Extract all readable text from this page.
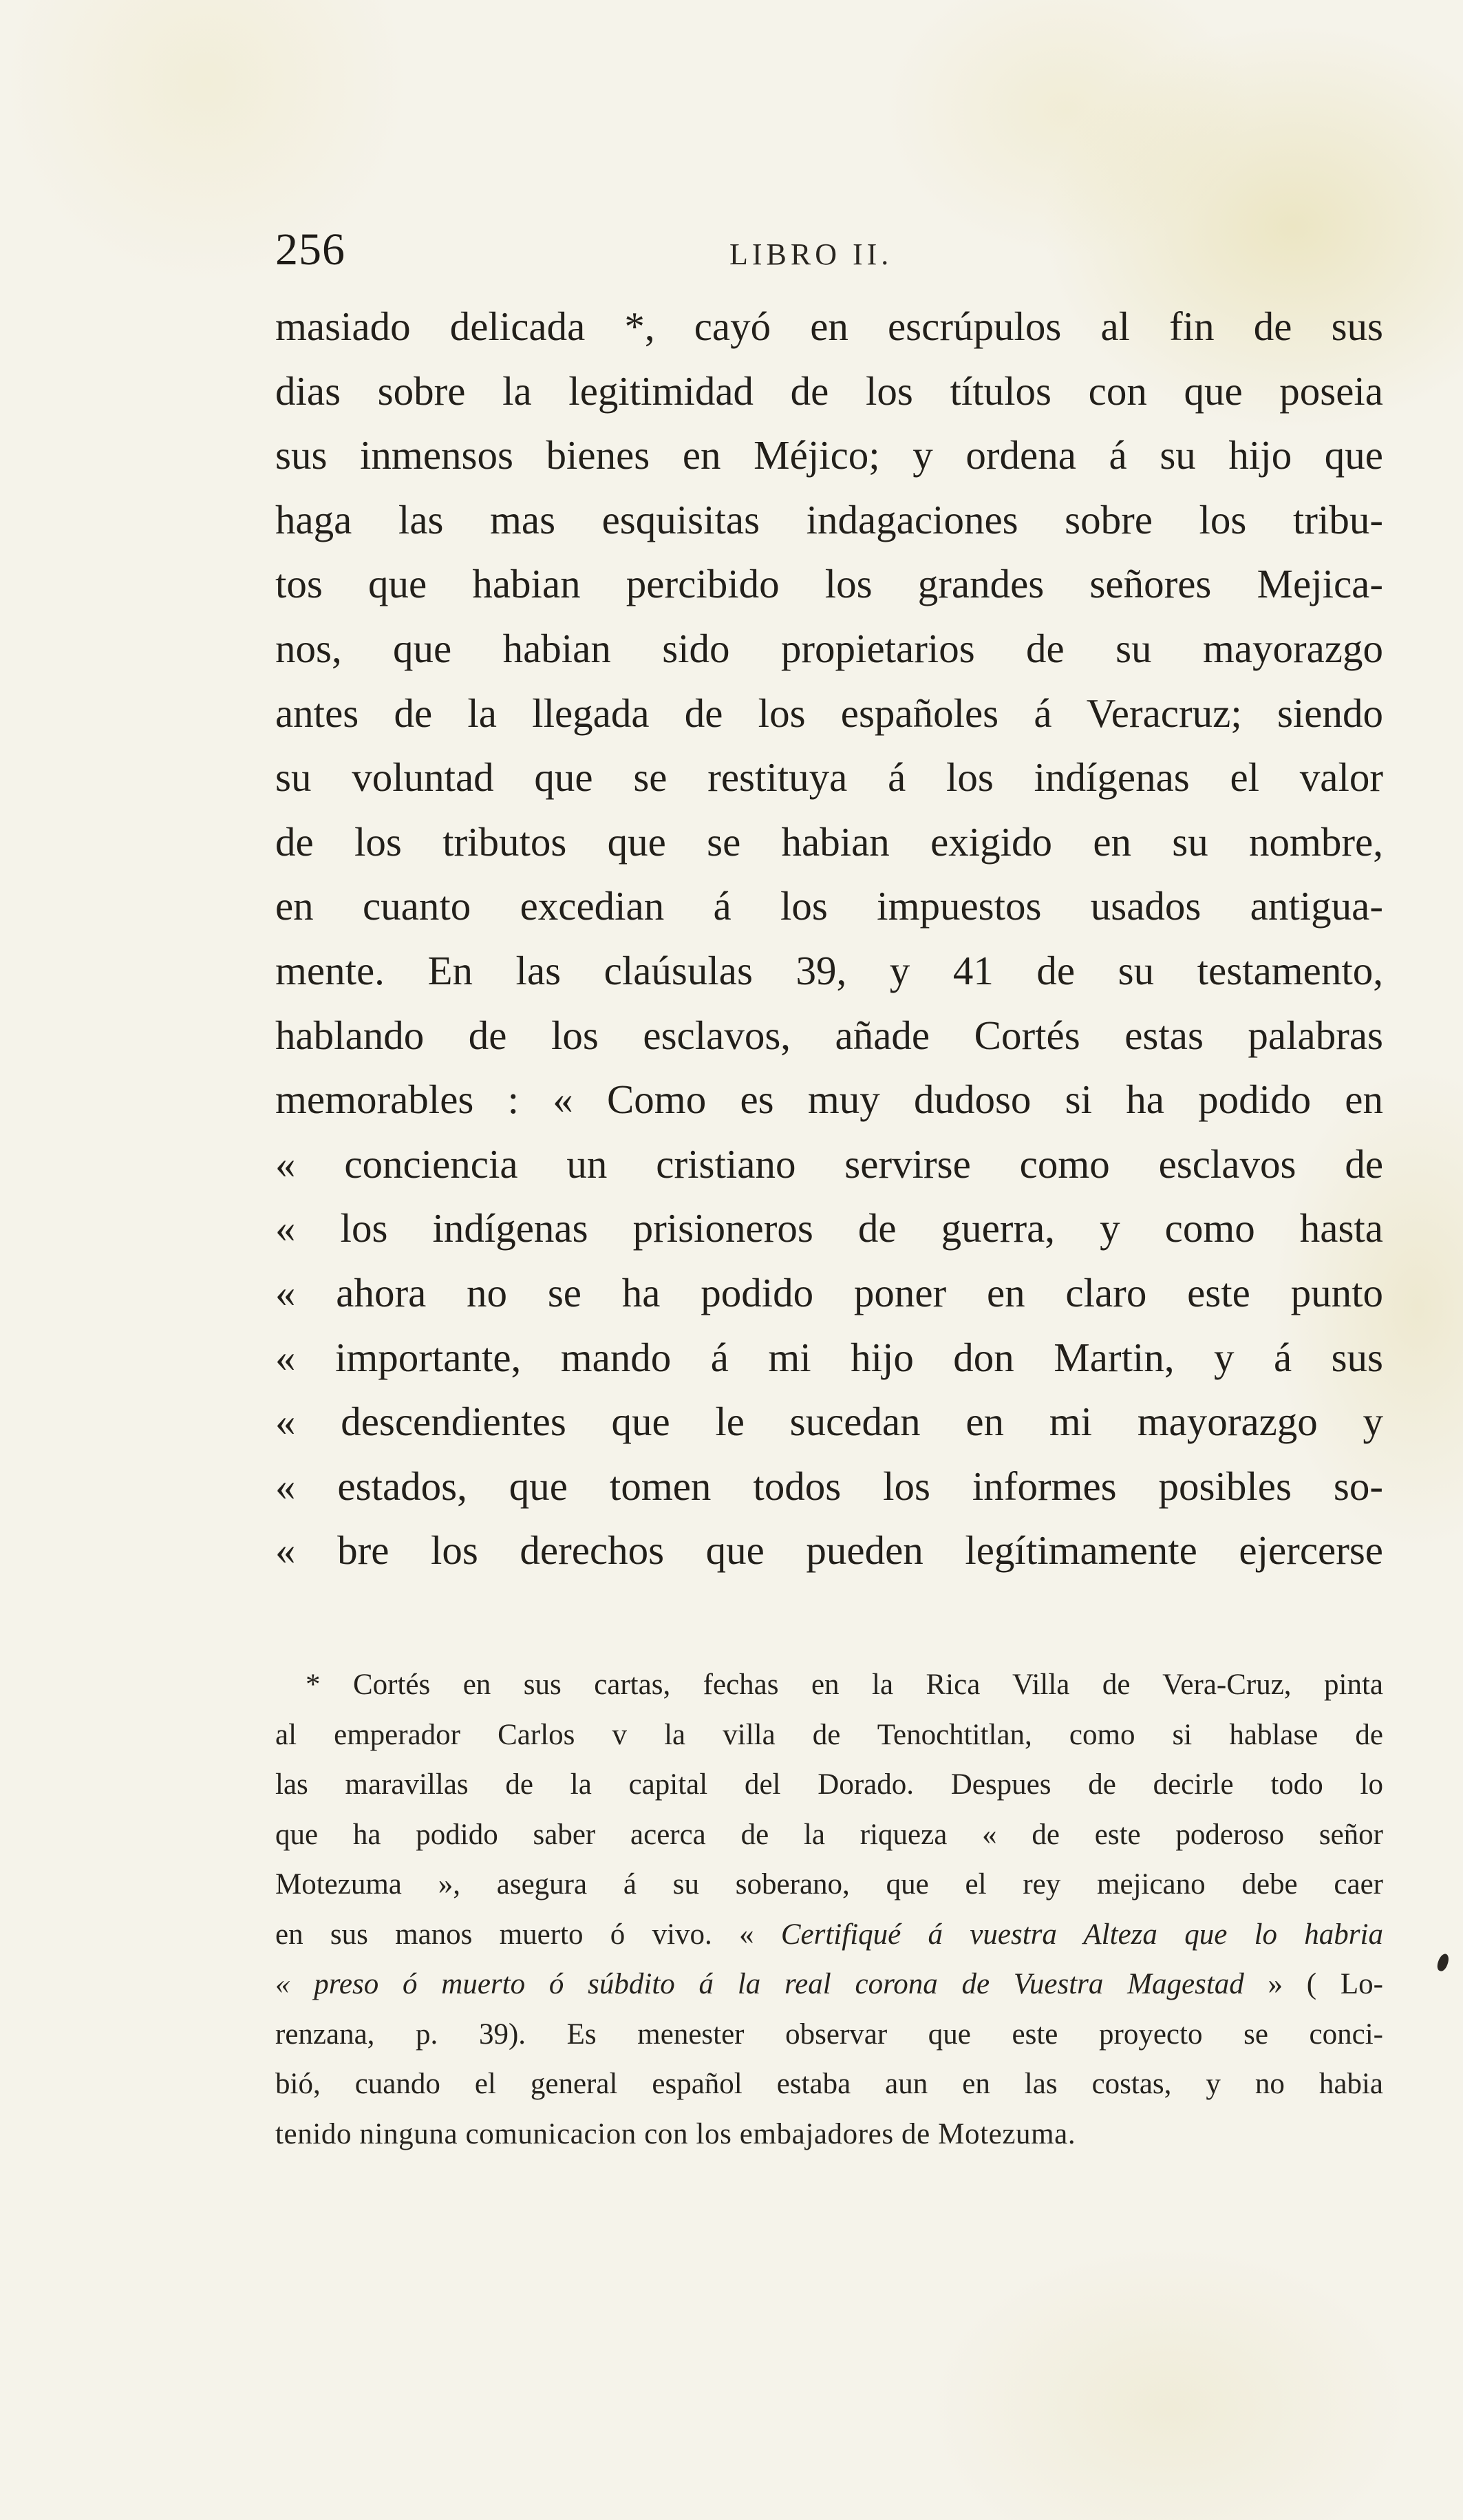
256	LIBRO II.
masiado delicada *, cayó en escrúpulos al fin de sus
dias sobre la legitimidad de los títulos con que poseia
sus inmensos bienes en Méjico; y ordena á su hijo que
haga las mas esquisitas indagaciones sobre los tribu-
tos que habian percibido los grandes señores Mejica-
nos, que habian sido propietarios de su mayorazgo
antes de la llegada de los españoles á Veracruz; siendo
su voluntad que se restituya á los indígenas el valor
de los tributos que se habian exigido en su nombre,
en cuanto excedian á los impuestos usados antigua-
mente. En las claúsulas 39, y 41 de su testamento,
hablando de los esclavos, añade Cortés estas palabras
memorables : « Como es muy dudoso si ha podido en
« conciencia un cristiano servirse como esclavos de
« los indígenas prisioneros de guerra, y como hasta
« ahora no se ha podido poner en claro este punto
« importante, mando á mi hijo don Martin, y á sus
« descendientes que le sucedan en mi mayorazgo y
« estados, que tomen todos los informes posibles so-
« bre los derechos que pueden legítimamente ejercerse
* Cortés en sus cartas, fechas en la Rica Villa de Vera-Cruz, pinta
al emperador Carlos v la villa de Tenochtitlan, como si hablase de
las maravillas de la capital del Dorado. Despues de decirle todo lo
que ha podido saber acerca de la riqueza « de este poderoso señor
Motezuma », asegura á su soberano, que el rey mejicano debe caer
en sus manos muerto ó vivo. « Certifiqué á vuestra Alteza que lo habria
« preso ó muerto ó súbdito á la real corona de Vuestra Magestad » ( Lo-
renzana, p. 39). Es menester observar que este proyecto se conci-
bió, cuando el general español estaba aun en las costas, y no habia
tenido ninguna comunicacion con los embajadores de Motezuma.
